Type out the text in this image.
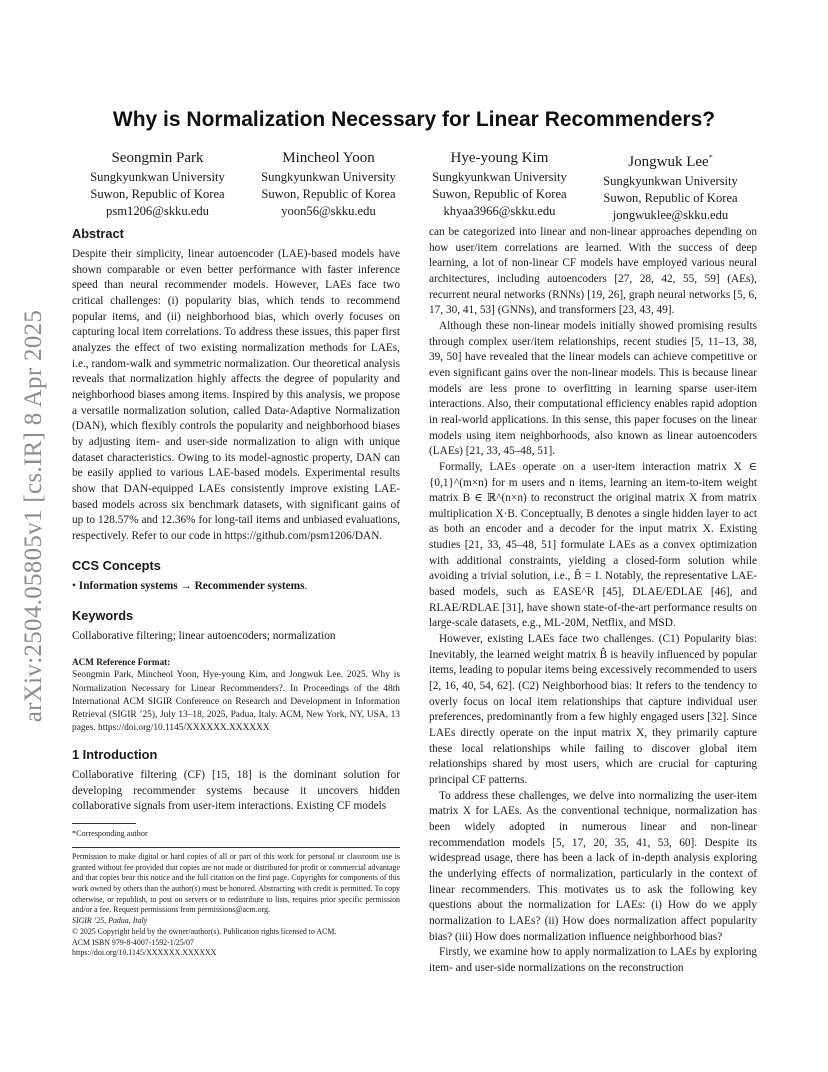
arXiv:2504.05805v1 [cs.IR] 8 Apr 2025
Why is Normalization Necessary for Linear Recommenders?
Seongmin Park
Sungkyunkwan University
Suwon, Republic of Korea
psm1206@skku.edu
Mincheol Yoon
Sungkyunkwan University
Suwon, Republic of Korea
yoon56@skku.edu
Hye-young Kim
Sungkyunkwan University
Suwon, Republic of Korea
khyaa3966@skku.edu
Jongwuk Lee*
Sungkyunkwan University
Suwon, Republic of Korea
jongwuklee@skku.edu
Abstract

Despite their simplicity, linear autoencoder (LAE)-based models have shown comparable or even better performance with faster inference speed than neural recommender models. However, LAEs face two critical challenges: (i) popularity bias, which tends to recommend popular items, and (ii) neighborhood bias, which overly focuses on capturing local item correlations. To address these issues, this paper first analyzes the effect of two existing normalization methods for LAEs, i.e., random-walk and symmetric normalization. Our theoretical analysis reveals that normalization highly affects the degree of popularity and neighborhood biases among items. Inspired by this analysis, we propose a versatile normalization solution, called Data-Adaptive Normalization (DAN), which flexibly controls the popularity and neighborhood biases by adjusting item- and user-side normalization to align with unique dataset characteristics. Owing to its model-agnostic property, DAN can be easily applied to various LAE-based models. Experimental results show that DAN-equipped LAEs consistently improve existing LAE-based models across six benchmark datasets, with significant gains of up to 128.57% and 12.36% for long-tail items and unbiased evaluations, respectively. Refer to our code in https://github.com/psm1206/DAN.

CCS Concepts

• Information systems → Recommender systems.

Keywords

Collaborative filtering; linear autoencoders; normalization

ACM Reference Format:

Seongmin Park, Mincheol Yoon, Hye-young Kim, and Jongwuk Lee. 2025. Why is Normalization Necessary for Linear Recommenders?. In Proceedings of the 48th International ACM SIGIR Conference on Research and Development in Information Retrieval (SIGIR ’25), July 13–18, 2025, Padua, Italy. ACM, New York, NY, USA, 13 pages. https://doi.org/10.1145/XXXXXX.XXXXXX

1 Introduction

Collaborative filtering (CF) [15, 18] is the dominant solution for developing recommender systems because it uncovers hidden collaborative signals from user-item interactions. Existing CF models

*Corresponding author

Permission to make digital or hard copies of all or part of this work for personal or classroom use is granted without fee provided that copies are not made or distributed for profit or commercial advantage and that copies bear this notice and the full citation on the first page. Copyrights for components of this work owned by others than the author(s) must be honored. Abstracting with credit is permitted. To copy otherwise, or republish, to post on servers or to redistribute to lists, requires prior specific permission and/or a fee. Request permissions from permissions@acm.org.

SIGIR ’25, Padua, Italy

© 2025 Copyright held by the owner/author(s). Publication rights licensed to ACM.

ACM ISBN 979-8-4007-1592-1/25/07

https://doi.org/10.1145/XXXXXX.XXXXXX

can be categorized into linear and non-linear approaches depending on how user/item correlations are learned. With the success of deep learning, a lot of non-linear CF models have employed various neural architectures, including autoencoders [27, 28, 42, 55, 59] (AEs), recurrent neural networks (RNNs) [19, 26], graph neural networks [5, 6, 17, 30, 41, 53] (GNNs), and transformers [23, 43, 49].

Although these non-linear models initially showed promising results through complex user/item relationships, recent studies [5, 11–13, 38, 39, 50] have revealed that the linear models can achieve competitive or even significant gains over the non-linear models. This is because linear models are less prone to overfitting in learning sparse user-item interactions. Also, their computational efficiency enables rapid adoption in real-world applications. In this sense, this paper focuses on the linear models using item neighborhoods, also known as linear autoencoders (LAEs) [21, 33, 45–48, 51].

Formally, LAEs operate on a user-item interaction matrix X ∈ {0,1}^(m×n) for m users and n items, learning an item-to-item weight matrix B ∈ ℝ^(n×n) to reconstruct the original matrix X from matrix multiplication X·B. Conceptually, B denotes a single hidden layer to act as both an encoder and a decoder for the input matrix X. Existing studies [21, 33, 45–48, 51] formulate LAEs as a convex optimization with additional constraints, yielding a closed-form solution while avoiding a trivial solution, i.e., B̂ = I. Notably, the representative LAE-based models, such as EASE^R [45], DLAE/EDLAE [46], and RLAE/RDLAE [31], have shown state-of-the-art performance results on large-scale datasets, e.g., ML-20M, Netflix, and MSD.

However, existing LAEs face two challenges. (C1) Popularity bias: Inevitably, the learned weight matrix B̂ is heavily influenced by popular items, leading to popular items being excessively recommended to users [2, 16, 40, 54, 62]. (C2) Neighborhood bias: It refers to the tendency to overly focus on local item relationships that capture individual user preferences, predominantly from a few highly engaged users [32]. Since LAEs directly operate on the input matrix X, they primarily capture these local relationships while failing to discover global item relationships shared by most users, which are crucial for capturing principal CF patterns.

To address these challenges, we delve into normalizing the user-item matrix X for LAEs. As the conventional technique, normalization has been widely adopted in numerous linear and non-linear recommendation models [5, 17, 20, 35, 41, 53, 60]. Despite its widespread usage, there has been a lack of in-depth analysis exploring the underlying effects of normalization, particularly in the context of linear recommenders. This motivates us to ask the following key questions about the normalization for LAEs: (i) How do we apply normalization to LAEs? (ii) How does normalization affect popularity bias? (iii) How does normalization influence neighborhood bias?

Firstly, we examine how to apply normalization to LAEs by exploring item- and user-side normalizations on the reconstruction
